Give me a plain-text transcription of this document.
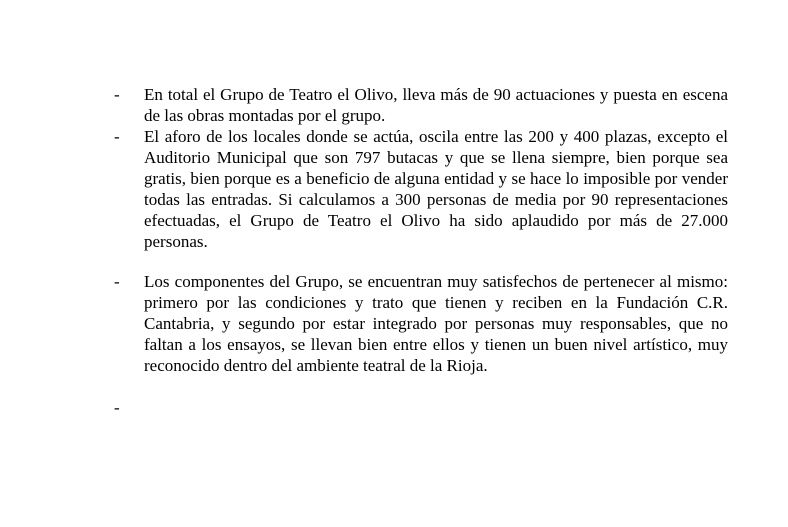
-	En total el Grupo de Teatro el Olivo, lleva más de 90 actuaciones y puesta en escena de las obras montadas por el grupo.
-	El aforo de los locales donde se actúa, oscila entre las 200 y 400 plazas, excepto el Auditorio Municipal que son 797 butacas y que se llena siempre, bien porque sea gratis, bien porque es a beneficio de alguna entidad y se hace lo imposible por vender todas las entradas. Si calculamos a 300 personas de media por 90 representaciones efectuadas, el Grupo de Teatro el Olivo ha sido aplaudido por más de 27.000 personas.
-	Los componentes del Grupo, se encuentran muy satisfechos de pertenecer al mismo: primero por las condiciones y trato que tienen y reciben en la Fundación C.R. Cantabria, y segundo por estar integrado por personas muy responsables, que no faltan a los ensayos, se llevan bien entre ellos y tienen un buen nivel artístico, muy reconocido dentro del ambiente teatral de la Rioja.
-
